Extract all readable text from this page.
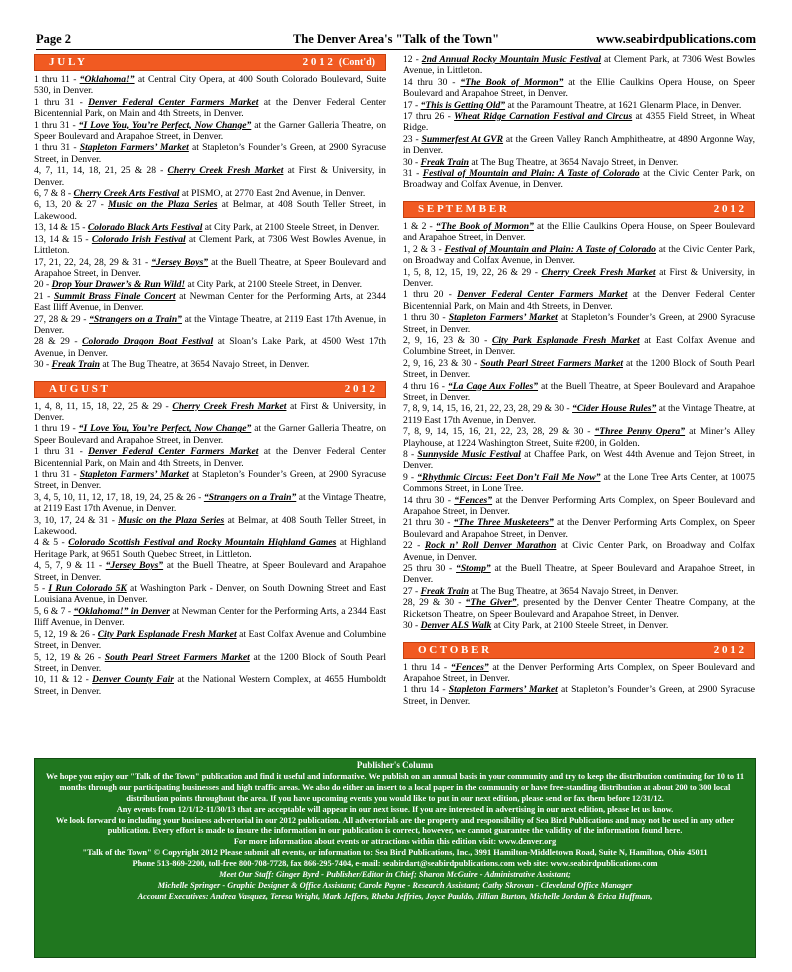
Page 2	The Denver Area's "Talk of the Town"	www.seabirdpublications.com
J U L Y	2 0 1 2 (Cont'd)

1 thru 11 - “Oklahoma!” at Central City Opera, at 400 South Colorado Boulevard, Suite 530, in Denver.

1 thru 31 - Denver Federal Center Farmers Market at the Denver Federal Center Bicentennial Park, on Main and 4th Streets, in Denver.

1 thru 31 - “I Love You, You’re Perfect, Now Change” at the Garner Galleria Theatre, on Speer Boulevard and Arapahoe Street, in Denver.

1 thru 31 - Stapleton Farmers’ Market at Stapleton’s Founder’s Green, at 2900 Syracuse Street, in Denver.

4, 7, 11, 14, 18, 21, 25 & 28 - Cherry Creek Fresh Market at First & University, in Denver.

6, 7 & 8 - Cherry Creek Arts Festival at PISMO, at 2770 East 2nd Avenue, in Denver.

6, 13, 20 & 27 - Music on the Plaza Series at Belmar, at 408 South Teller Street, in Lakewood.

13, 14 & 15 - Colorado Black Arts Festival at City Park, at 2100 Steele Street, in Denver.

13, 14 & 15 - Colorado Irish Festival at Clement Park, at 7306 West Bowles Avenue, in Littleton.

17, 21, 22, 24, 28, 29 & 31 - “Jersey Boys” at the Buell Theatre, at Speer Boulevard and Arapahoe Street, in Denver.

20 - Drop Your Drawer’s & Run Wild! at City Park, at 2100 Steele Street, in Denver.

21 - Summit Brass Finale Concert at Newman Center for the Performing Arts, at 2344 East Iliff Avenue, in Denver.

27, 28 & 29 - “Strangers on a Train” at the Vintage Theatre, at 2119 East 17th Avenue, in Denver.

28 & 29 - Colorado Dragon Boat Festival at Sloan’s Lake Park, at 4500 West 17th Avenue, in Denver.

30 - Freak Train at The Bug Theatre, at 3654 Navajo Street, in Denver.

A U G U S T	2 0 1 2

1, 4, 8, 11, 15, 18, 22, 25 & 29 - Cherry Creek Fresh Market at First & University, in Denver.

1 thru 19 - “I Love You, You’re Perfect, Now Change” at the Garner Galleria Theatre, on Speer Boulevard and Arapahoe Street, in Denver.

1 thru 31 - Denver Federal Center Farmers Market at the Denver Federal Center Bicentennial Park, on Main and 4th Streets, in Denver.

1 thru 31 - Stapleton Farmers’ Market at Stapleton’s Founder’s Green, at 2900 Syracuse Street, in Denver.

3, 4, 5, 10, 11, 12, 17, 18, 19, 24, 25 & 26 - “Strangers on a Train” at the Vintage Theatre, at 2119 East 17th Avenue, in Denver.

3, 10, 17, 24 & 31 - Music on the Plaza Series at Belmar, at 408 South Teller Street, in Lakewood.

4 & 5 - Colorado Scottish Festival and Rocky Mountain Highland Games at Highland Heritage Park, at 9651 South Quebec Street, in Littleton.

4, 5, 7, 9 & 11 - “Jersey Boys” at the Buell Theatre, at Speer Boulevard and Arapahoe Street, in Denver.

5 - I Run Colorado 5K at Washington Park - Denver, on South Downing Street and East Louisiana Avenue, in Denver.

5, 6 & 7 - “Oklahoma!” in Denver at Newman Center for the Performing Arts, a 2344 East Iliff Avenue, in Denver.

5, 12, 19 & 26 - City Park Esplanade Fresh Market at East Colfax Avenue and Columbine Street, in Denver.

5, 12, 19 & 26 - South Pearl Street Farmers Market at the 1200 Block of South Pearl Street, in Denver.

10, 11 & 12 - Denver County Fair at the National Western Complex, at 4655 Humboldt Street, in Denver.

12 - 2nd Annual Rocky Mountain Music Festival at Clement Park, at 7306 West Bowles Avenue, in Littleton.

14 thru 30 - “The Book of Mormon” at the Ellie Caulkins Opera House, on Speer Boulevard and Arapahoe Street, in Denver.

17 - “This is Getting Old” at the Paramount Theatre, at 1621 Glenarm Place, in Denver.

17 thru 26 - Wheat Ridge Carnation Festival and Circus at 4355 Field Street, in Wheat Ridge.

23 - Summerfest At GVR at the Green Valley Ranch Amphitheatre, at 4890 Argonne Way, in Denver.

30 - Freak Train at The Bug Theatre, at 3654 Navajo Street, in Denver.

31 - Festival of Mountain and Plain: A Taste of Colorado at the Civic Center Park, on Broadway and Colfax Avenue, in Denver.

S E P T E M B E R	2 0 1 2

1 & 2 - “The Book of Mormon” at the Ellie Caulkins Opera House, on Speer Boulevard and Arapahoe Street, in Denver.

1, 2 & 3 - Festival of Mountain and Plain: A Taste of Colorado at the Civic Center Park, on Broadway and Colfax Avenue, in Denver.

1, 5, 8, 12, 15, 19, 22, 26 & 29 - Cherry Creek Fresh Market at First & University, in Denver.

1 thru 20 - Denver Federal Center Farmers Market at the Denver Federal Center Bicentennial Park, on Main and 4th Streets, in Denver.

1 thru 30 - Stapleton Farmers’ Market at Stapleton’s Founder’s Green, at 2900 Syracuse Street, in Denver.

2, 9, 16, 23 & 30 - City Park Esplanade Fresh Market at East Colfax Avenue and Columbine Street, in Denver.

2, 9, 16, 23 & 30 - South Pearl Street Farmers Market at the 1200 Block of South Pearl Street, in Denver.

4 thru 16 - “La Cage Aux Folles” at the Buell Theatre, at Speer Boulevard and Arapahoe Street, in Denver.

7, 8, 9, 14, 15, 16, 21, 22, 23, 28, 29 & 30 - “Cider House Rules” at the Vintage Theatre, at 2119 East 17th Avenue, in Denver.

7, 8, 9, 14, 15, 16, 21, 22, 23, 28, 29 & 30 - “Three Penny Opera” at Miner’s Alley Playhouse, at 1224 Washington Street, Suite #200, in Golden.

8 - Sunnyside Music Festival at Chaffee Park, on West 44th Avenue and Tejon Street, in Denver.

9 - “Rhythmic Circus: Feet Don’t Fail Me Now” at the Lone Tree Arts Center, at 10075 Commons Street, in Lone Tree.

14 thru 30 - “Fences” at the Denver Performing Arts Complex, on Speer Boulevard and Arapahoe Street, in Denver.

21 thru 30 - “The Three Musketeers” at the Denver Performing Arts Complex, on Speer Boulevard and Arapahoe Street, in Denver.

22 - Rock n’ Roll Denver Marathon at Civic Center Park, on Broadway and Colfax Avenue, in Denver.

25 thru 30 - “Stomp” at the Buell Theatre, at Speer Boulevard and Arapahoe Street, in Denver.

27 - Freak Train at The Bug Theatre, at 3654 Navajo Street, in Denver.

28, 29 & 30 - “The Giver”, presented by the Denver Center Theatre Company, at the Ricketson Theatre, on Speer Boulevard and Arapahoe Street, in Denver.

30 - Denver ALS Walk at City Park, at 2100 Steele Street, in Denver.

O C T O B E R	2 0 1 2

1 thru 14 - “Fences” at the Denver Performing Arts Complex, on Speer Boulevard and Arapahoe Street, in Denver.

1 thru 14 - Stapleton Farmers’ Market at Stapleton’s Founder’s Green, at 2900 Syracuse Street, in Denver.

Publisher's Column
We hope you enjoy our "Talk of the Town" publication and find it useful and informative. We publish on an annual basis in your community and try to keep the distribution continuing for 10 to 11 months through our participating businesses and high traffic areas. We also do either an insert to a local paper in the community or have free-standing distribution at about 200 to 300 local distribution points throughout the area. If you have upcoming events you would like to put in our next edition, please send or fax them before 12/31/12.
Any events from 12/1/12-11/30/13 that are acceptable will appear in our next issue. If you are interested in advertising in our next edition, please let us know.
We look forward to including your business advertorial in our 2012 publication. All advertorials are the property and responsibility of Sea Bird Publications and may not be used in any other publication. Every effort is made to insure the information in our publication is correct, however, we cannot guarantee the validity of the information found here.
For more information about events or attractions within this edition visit: www.denver.org
"Talk of the Town" © Copyright 2012 Please submit all events, or information to: Sea Bird Publications, Inc., 3991 Hamilton-Middletown Road, Suite N, Hamilton, Ohio 45011
Phone 513-869-2200, toll-free 800-708-7728, fax 866-295-7404, e-mail: seabirdart@seabirdpublications.com web site: www.seabirdpublications.com
Meet Our Staff: Ginger Byrd - Publisher/Editor in Chief; Sharon McGuire - Administrative Assistant;
Michelle Springer - Graphic Designer & Office Assistant; Carole Payne - Research Assistant; Cathy Skrovan - Cleveland Office Manager
Account Executives: Andrea Vasquez, Teresa Wright, Mark Jeffers, Rheba Jeffries, Joyce Pauldo, Jillian Burton, Michelle Jordan & Erica Huffman,
